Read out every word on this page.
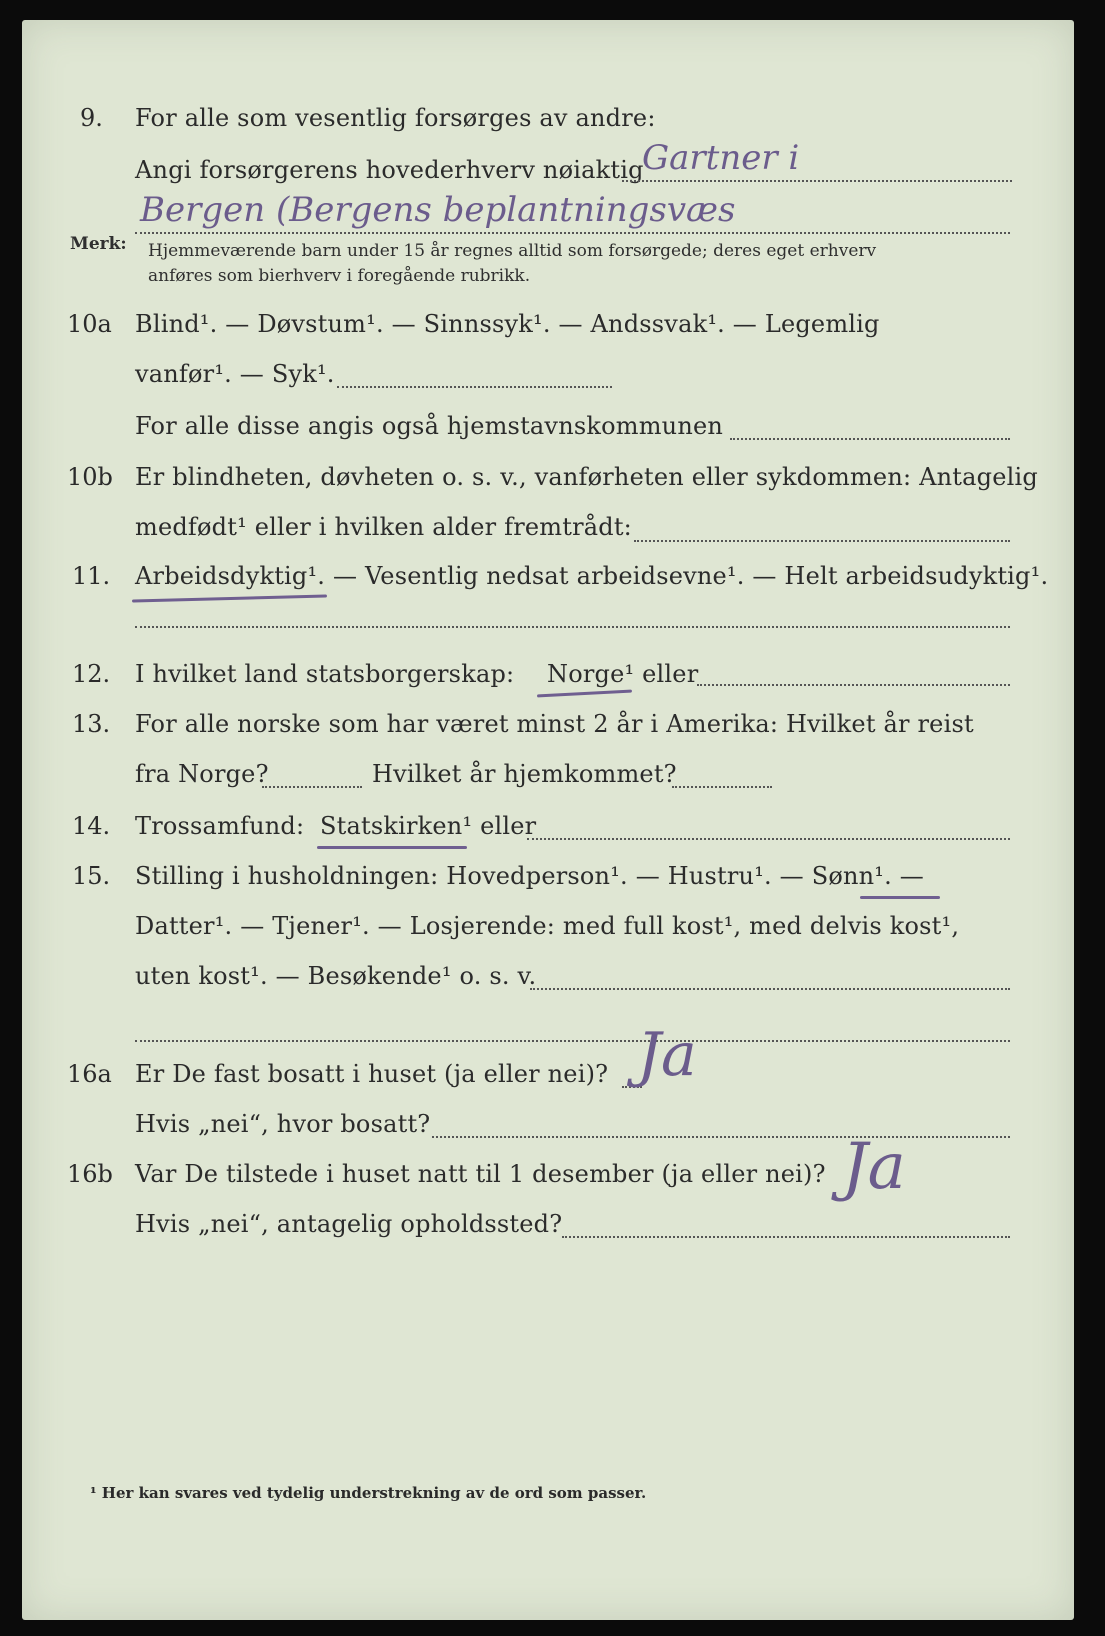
9. For alle som vesentlig forsørges av andre:
Angi forsørgerens hovederhverv nøiaktig
Gartner i
Bergen (Bergens beplantningsvæs
Merk: Hjemmeværende barn under 15 år regnes alltid som forsørgede; deres eget erhverv
anføres som bierhverv i foregående rubrikk.
10a Blind¹. — Døvstum¹. — Sinnssyk¹. — Andssvak¹. — Legemlig
vanfør¹. — Syk¹.
For alle disse angis også hjemstavnskommunen
10b Er blindheten, døvheten o. s. v., vanførheten eller sykdommen: Antagelig
medfødt¹ eller i hvilken alder fremtrådt:
11. Arbeidsdyktig¹. — Vesentlig nedsat arbeidsevne¹. — Helt arbeidsudyktig¹.
12. I hvilket land statsborgerskap: Norge¹ eller
13. For alle norske som har været minst 2 år i Amerika: Hvilket år reist
fra Norge?	Hvilket år hjemkommet?
14. Trossamfund: Statskirken¹ eller
15. Stilling i husholdningen: Hovedperson¹. — Hustru¹. — Sønn¹. —
Datter¹. — Tjener¹. — Losjerende: med full kost¹, med delvis kost¹,
uten kost¹. — Besøkende¹ o. s. v.
16a Er De fast bosatt i huset (ja eller nei)? Ja
Hvis „nei“, hvor bosatt?
16b Var De tilstede i huset natt til 1 desember (ja eller nei)? Ja
Hvis „nei“, antagelig opholdssted?
¹ Her kan svares ved tydelig understrekning av de ord som passer.
